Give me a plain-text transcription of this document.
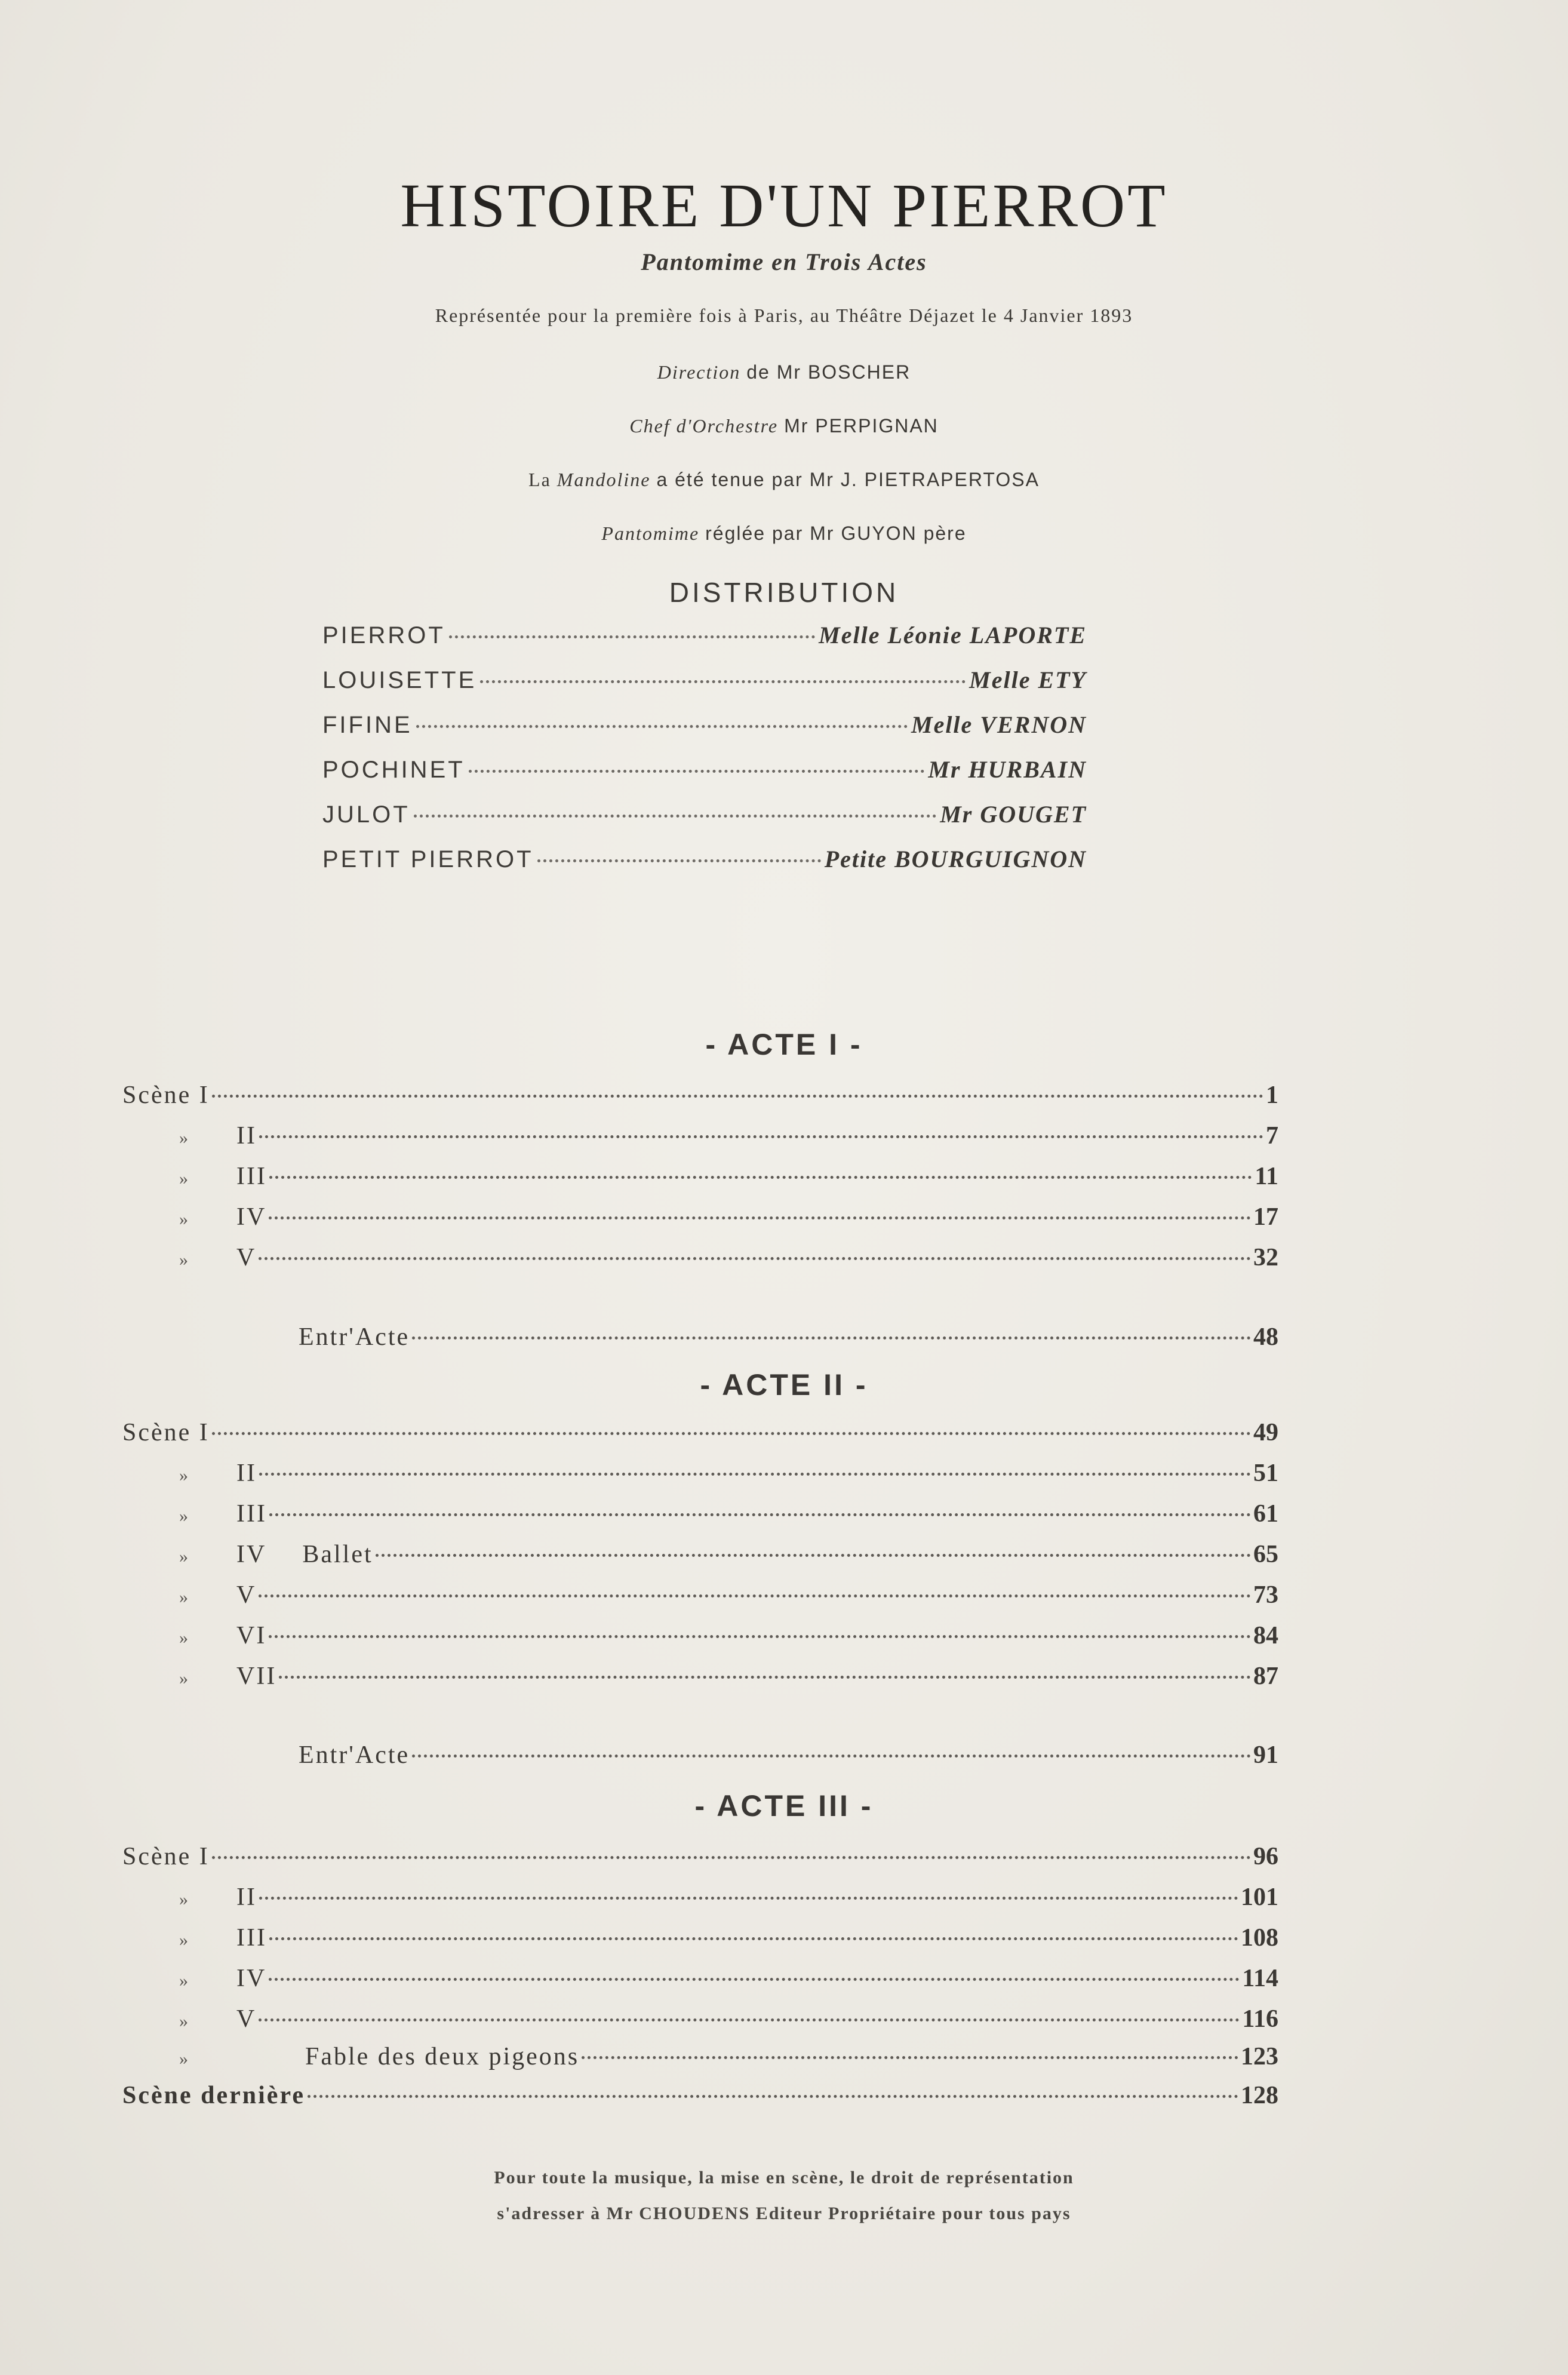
HISTOIRE D'UN PIERROT
Pantomime en Trois Actes
Représentée pour la première fois à Paris, au Théâtre Déjazet le 4 Janvier 1893
Direction de Mr BOSCHER
Chef d'Orchestre Mr PERPIGNAN
La Mandoline a été tenue par Mr J. PIETRAPERTOSA
Pantomime réglée par Mr GUYON père
DISTRIBUTION
PIERROT	Melle Léonie LAPORTE
LOUISETTE	Melle ETY
FIFINE	Melle VERNON
POCHINET	Mr HURBAIN
JULOT	Mr GOUGET
PETIT PIERROT	Petite BOURGUIGNON
- ACTE I -
Scène I	1
»	II	7
»	III	11
»	IV	17
»	V	32
Entr'Acte	48
- ACTE II -
Scène I	49
»	II	51
»	III	61
»	IV Ballet	65
»	V	73
»	VI	84
»	VII	87
Entr'Acte	91
- ACTE III -
Scène I	96
»	II	101
»	III	108
»	IV	114
»	V	116
»	Fable des deux pigeons	123
Scène dernière	128
Pour toute la musique, la mise en scène, le droit de représentation
s'adresser à Mr CHOUDENS Editeur Propriétaire pour tous pays
